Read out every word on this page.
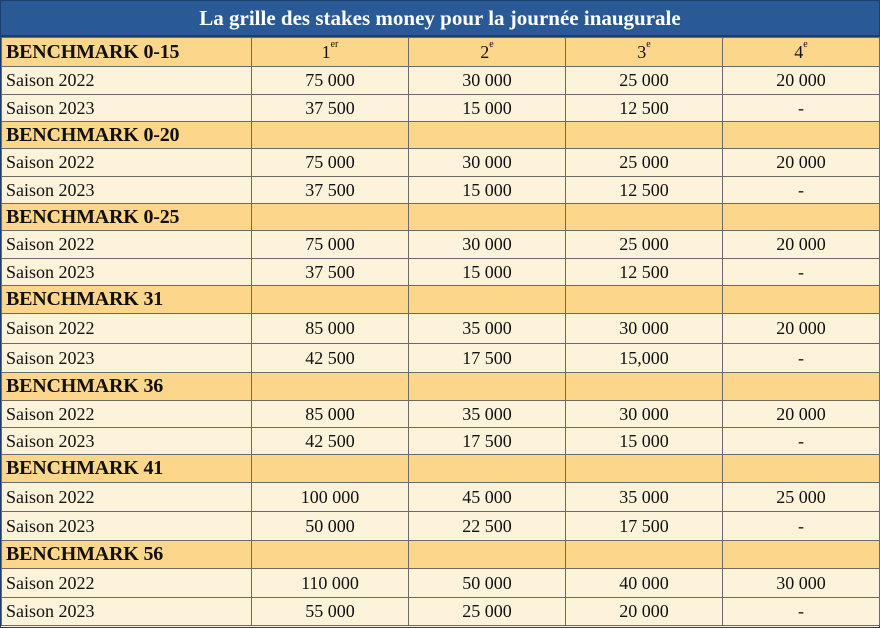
La grille des stakes money pour la journée inaugurale
BENCHMARK 0-15	1er	2e	3e	4e
Saison 2022	75 000	30 000	25 000	20 000
Saison 2023	37 500	15 000	12 500	-
BENCHMARK 0-20				
Saison 2022	75 000	30 000	25 000	20 000
Saison 2023	37 500	15 000	12 500	-
BENCHMARK 0-25				
Saison 2022	75 000	30 000	25 000	20 000
Saison 2023	37 500	15 000	12 500	-
BENCHMARK 31				
Saison 2022	85 000	35 000	30 000	20 000
Saison 2023	42 500	17 500	15,000	-
BENCHMARK 36				
Saison 2022	85 000	35 000	30 000	20 000
Saison 2023	42 500	17 500	15 000	-
BENCHMARK 41				
Saison 2022	100 000	45 000	35 000	25 000
Saison 2023	50 000	22 500	17 500	-
BENCHMARK 56				
Saison 2022	110 000	50 000	40 000	30 000
Saison 2023	55 000	25 000	20 000	-
